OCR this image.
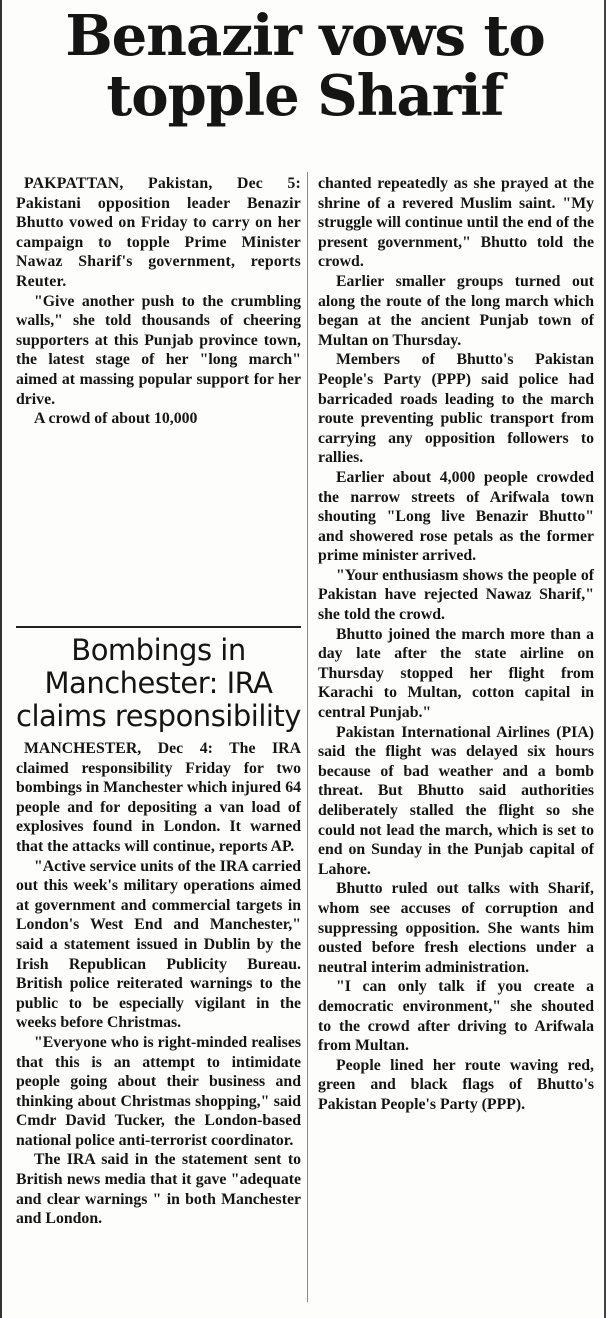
Benazir vows to topple Sharif

PAKPATTAN, Pakistan, Dec 5: Pakistani opposition leader Benazir Bhutto vowed on Friday to carry on her campaign to topple Prime Minister Nawaz Sharif's government, reports Reuter.

"Give another push to the crumbling walls," she told thousands of cheering supporters at this Punjab province town, the latest stage of her "long march" aimed at massing popular support for her drive.

A crowd of about 10,000

Bombings in Manchester: IRA claims responsibility

MANCHESTER, Dec 4: The IRA claimed responsibility Friday for two bombings in Manchester which injured 64 people and for depositing a van load of explosives found in London. It warned that the attacks will continue, reports AP.

"Active service units of the IRA carried out this week's military operations aimed at government and commercial targets in London's West End and Manchester," said a statement issued in Dublin by the Irish Republican Publicity Bureau. British police reiterated warnings to the public to be especially vigilant in the weeks before Christmas.

"Everyone who is right-minded realises that this is an attempt to intimidate people going about their business and thinking about Christmas shopping," said Cmdr David Tucker, the London-based national police anti-terrorist coordinator.

The IRA said in the statement sent to British news media that it gave "adequate and clear warnings " in both Manchester and London.

chanted repeatedly as she prayed at the shrine of a revered Muslim saint. "My struggle will continue until the end of the present government," Bhutto told the crowd.

Earlier smaller groups turned out along the route of the long march which began at the ancient Punjab town of Multan on Thursday.

Members of Bhutto's Pakistan People's Party (PPP) said police had barricaded roads leading to the march route preventing public transport from carrying any opposition followers to rallies.

Earlier about 4,000 people crowded the narrow streets of Arifwala town shouting "Long live Benazir Bhutto" and showered rose petals as the former prime minister arrived.

"Your enthusiasm shows the people of Pakistan have rejected Nawaz Sharif," she told the crowd.

Bhutto joined the march more than a day late after the state airline on Thursday stopped her flight from Karachi to Multan, cotton capital in central Punjab."

Pakistan International Airlines (PIA) said the flight was delayed six hours because of bad weather and a bomb threat. But Bhutto said authorities deliberately stalled the flight so she could not lead the march, which is set to end on Sunday in the Punjab capital of Lahore.

Bhutto ruled out talks with Sharif, whom see accuses of corruption and suppressing opposition. She wants him ousted before fresh elections under a neutral interim administration.

"I can only talk if you create a democratic environment," she shouted to the crowd after driving to Arifwala from Multan.

People lined her route waving red, green and black flags of Bhutto's Pakistan People's Party (PPP).
